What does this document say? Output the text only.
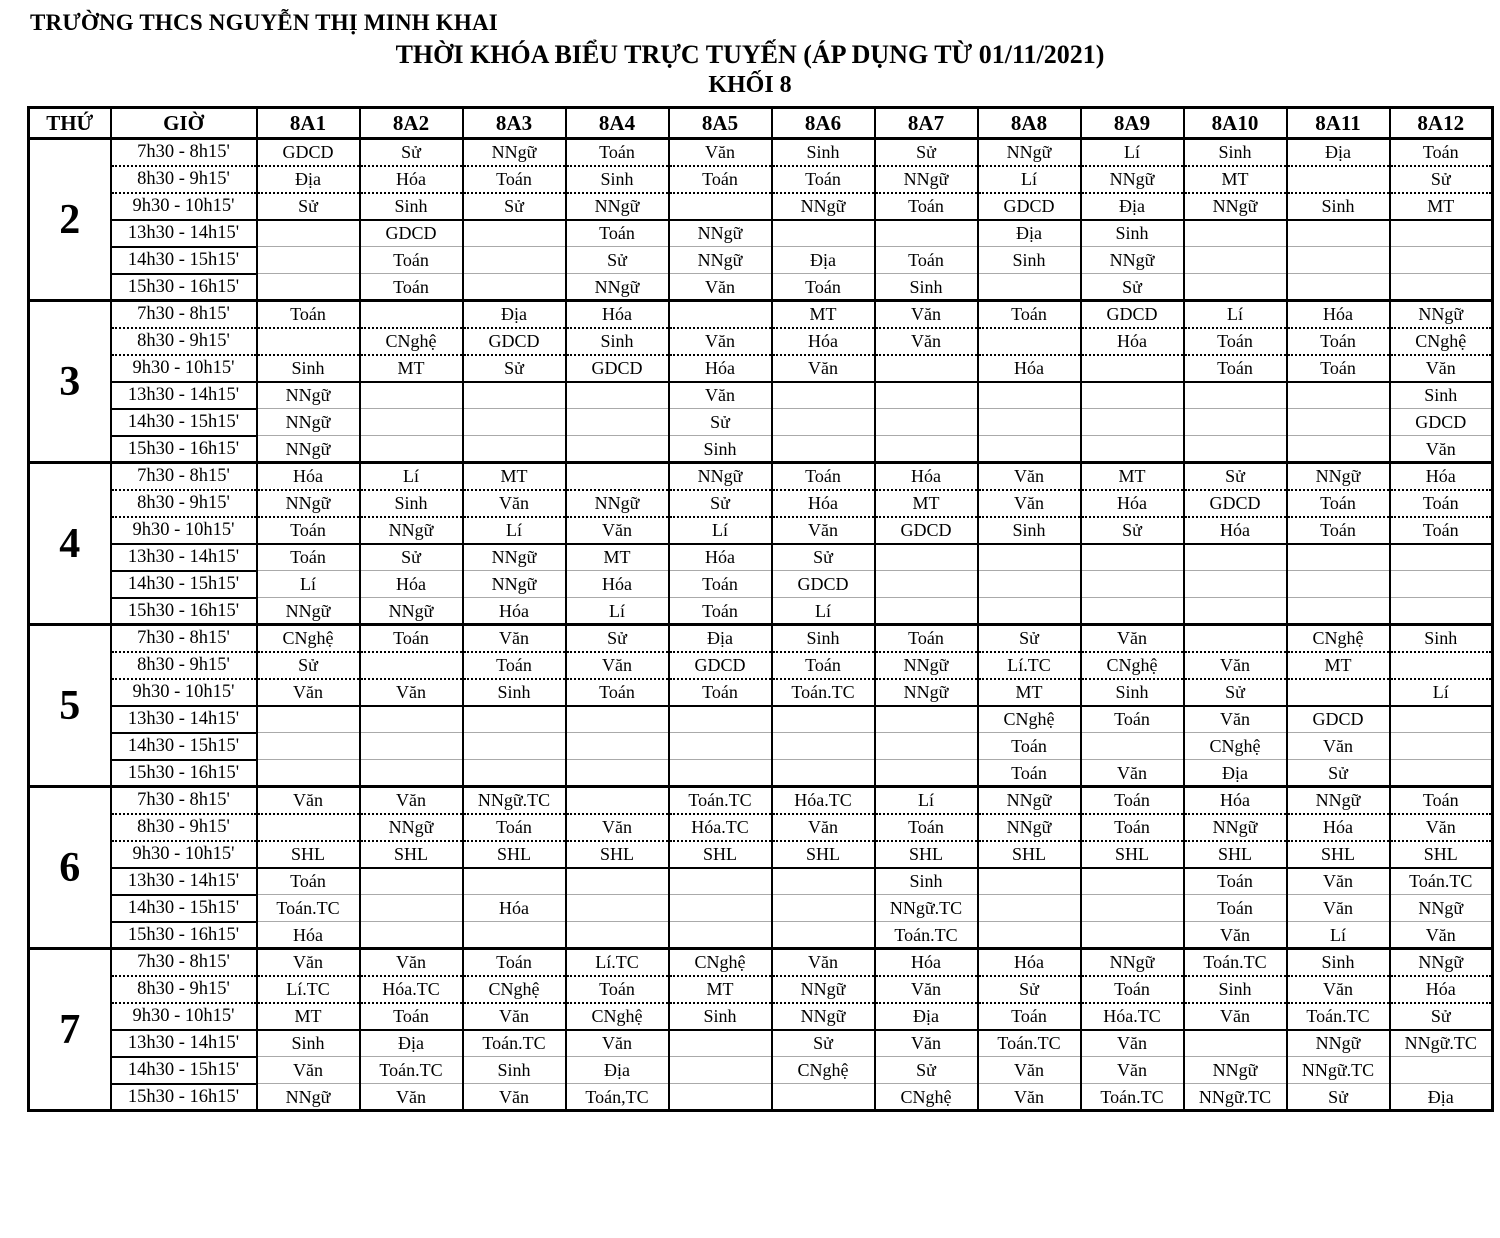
TRƯỜNG THCS NGUYỄN THỊ MINH KHAI
THỜI KHÓA BIỂU TRỰC TUYẾN (ÁP DỤNG TỪ 01/11/2021)
KHỐI 8
THỨ	GIỜ	8A1	8A2	8A3	8A4	8A5	8A6	8A7	8A8	8A9	8A10	8A11	8A12
2	7h30 - 8h15'	GDCD	Sử	NNgữ	Toán	Văn	Sinh	Sử	NNgữ	Lí	Sinh	Địa	Toán
	8h30 - 9h15'	Địa	Hóa	Toán	Sinh	Toán	Toán	NNgữ	Lí	NNgữ	MT		Sử
	9h30 - 10h15'	Sử	Sinh	Sử	NNgữ		NNgữ	Toán	GDCD	Địa	NNgữ	Sinh	MT
	13h30 - 14h15'		GDCD		Toán	NNgữ			Địa	Sinh			
	14h30 - 15h15'		Toán		Sử	NNgữ	Địa	Toán	Sinh	NNgữ			
	15h30 - 16h15'		Toán		NNgữ	Văn	Toán	Sinh		Sử			
3	7h30 - 8h15'	Toán		Địa	Hóa		MT	Văn	Toán	GDCD	Lí	Hóa	NNgữ
	8h30 - 9h15'		CNghệ	GDCD	Sinh	Văn	Hóa	Văn		Hóa	Toán	Toán	CNghệ
	9h30 - 10h15'	Sinh	MT	Sử	GDCD	Hóa	Văn		Hóa		Toán	Toán	Văn
	13h30 - 14h15'	NNgữ				Văn							Sinh
	14h30 - 15h15'	NNgữ				Sử							GDCD
	15h30 - 16h15'	NNgữ				Sinh							Văn
4	7h30 - 8h15'	Hóa	Lí	MT		NNgữ	Toán	Hóa	Văn	MT	Sử	NNgữ	Hóa
	8h30 - 9h15'	NNgữ	Sinh	Văn	NNgữ	Sử	Hóa	MT	Văn	Hóa	GDCD	Toán	Toán
	9h30 - 10h15'	Toán	NNgữ	Lí	Văn	Lí	Văn	GDCD	Sinh	Sử	Hóa	Toán	Toán
	13h30 - 14h15'	Toán	Sử	NNgữ	MT	Hóa	Sử						
	14h30 - 15h15'	Lí	Hóa	NNgữ	Hóa	Toán	GDCD						
	15h30 - 16h15'	NNgữ	NNgữ	Hóa	Lí	Toán	Lí						
5	7h30 - 8h15'	CNghệ	Toán	Văn	Sử	Địa	Sinh	Toán	Sử	Văn		CNghệ	Sinh
	8h30 - 9h15'	Sử		Toán	Văn	GDCD	Toán	NNgữ	Lí.TC	CNghệ	Văn	MT	
	9h30 - 10h15'	Văn	Văn	Sinh	Toán	Toán	Toán.TC	NNgữ	MT	Sinh	Sử		Lí
	13h30 - 14h15'								CNghệ	Toán	Văn	GDCD	
	14h30 - 15h15'								Toán		CNghệ	Văn	
	15h30 - 16h15'								Toán	Văn	Địa	Sử	
6	7h30 - 8h15'	Văn	Văn	NNgữ.TC		Toán.TC	Hóa.TC	Lí	NNgữ	Toán	Hóa	NNgữ	Toán
	8h30 - 9h15'		NNgữ	Toán	Văn	Hóa.TC	Văn	Toán	NNgữ	Toán	NNgữ	Hóa	Văn
	9h30 - 10h15'	SHL	SHL	SHL	SHL	SHL	SHL	SHL	SHL	SHL	SHL	SHL	SHL
	13h30 - 14h15'	Toán						Sinh			Toán	Văn	Toán.TC
	14h30 - 15h15'	Toán.TC		Hóa				NNgữ.TC			Toán	Văn	NNgữ
	15h30 - 16h15'	Hóa						Toán.TC			Văn	Lí	Văn
7	7h30 - 8h15'	Văn	Văn	Toán	Lí.TC	CNghệ	Văn	Hóa	Hóa	NNgữ	Toán.TC	Sinh	NNgữ
	8h30 - 9h15'	Lí.TC	Hóa.TC	CNghệ	Toán	MT	NNgữ	Văn	Sử	Toán	Sinh	Văn	Hóa
	9h30 - 10h15'	MT	Toán	Văn	CNghệ	Sinh	NNgữ	Địa	Toán	Hóa.TC	Văn	Toán.TC	Sử
	13h30 - 14h15'	Sinh	Địa	Toán.TC	Văn		Sử	Văn	Toán.TC	Văn		NNgữ	NNgữ.TC
	14h30 - 15h15'	Văn	Toán.TC	Sinh	Địa		CNghệ	Sử	Văn	Văn	NNgữ	NNgữ.TC	
	15h30 - 16h15'	NNgữ	Văn	Văn	Toán,TC			CNghệ	Văn	Toán.TC	NNgữ.TC	Sử	Địa
